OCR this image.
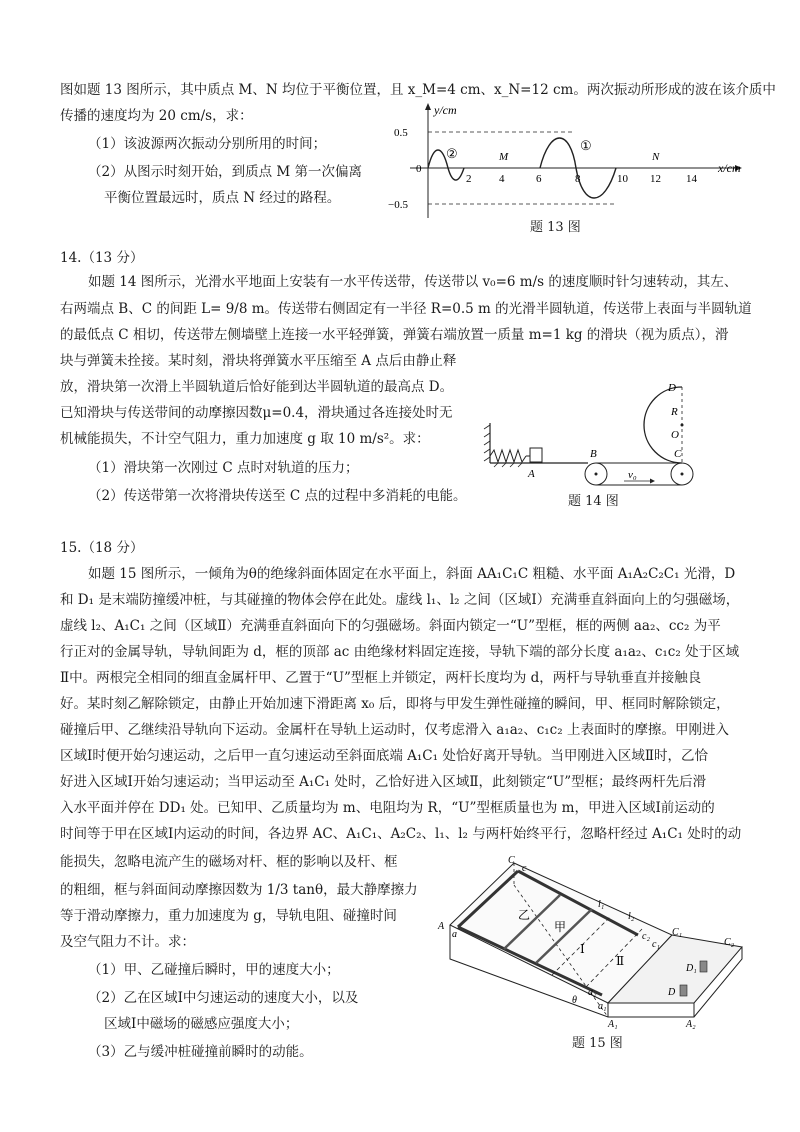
图如题 13 图所示，其中质点 M、N 均位于平衡位置，且 x_M=4 cm、x_N=12 cm。两次振动所形成的波在该介质中
传播的速度均为 20 cm/s，求：
（1）该波源两次振动分别所用的时间；
（2）从图示时刻开始，到质点 M 第一次偏离
平衡位置最远时，质点 N 经过的路程。
y/cm
x/cm
0.5
0
−0.5
2	4	6	8	10 12 14
M	N
②
①
题 13 图
14.（13 分）
如题 14 图所示，光滑水平地面上安装有一水平传送带，传送带以 v₀=6 m/s 的速度顺时针匀速转动，其左、
右两端点 B、C 的间距 L= 9/8 m。传送带右侧固定有一半径 R=0.5 m 的光滑半圆轨道，传送带上表面与半圆轨道
的最低点 C 相切，传送带左侧墙壁上连接一水平轻弹簧，弹簧右端放置一质量 m=1 kg 的滑块（视为质点），滑
块与弹簧未拴接。某时刻，滑块将弹簧水平压缩至 A 点后由静止释
放，滑块第一次滑上半圆轨道后恰好能到达半圆轨道的最高点 D。
已知滑块与传送带间的动摩擦因数μ=0.4，滑块通过各连接处时无
机械能损失，不计空气阻力，重力加速度 g 取 10 m/s²。求：
（1）滑块第一次刚过 C 点时对轨道的压力；
（2）传送带第一次将滑块传送至 C 点的过程中多消耗的电能。
A
B	C
v₀
D
R
O
题 14 图
15.（18 分）
如题 15 图所示，一倾角为θ的绝缘斜面体固定在水平面上，斜面 AA₁C₁C 粗糙、水平面 A₁A₂C₂C₁ 光滑，D
和 D₁ 是末端防撞缓冲桩，与其碰撞的物体会停在此处。虚线 l₁、l₂ 之间（区域Ⅰ）充满垂直斜面向上的匀强磁场，
虚线 l₂、A₁C₁ 之间（区域Ⅱ）充满垂直斜面向下的匀强磁场。斜面内锁定一“U”型框，框的两侧 aa₂、cc₂ 为平
行正对的金属导轨，导轨间距为 d，框的顶部 ac 由绝缘材料固定连接，导轨下端的部分长度 a₁a₂、c₁c₂ 处于区域
Ⅱ中。两根完全相同的细直金属杆甲、乙置于“U”型框上并锁定，两杆长度均为 d，两杆与导轨垂直并接触良
好。某时刻乙解除锁定，由静止开始加速下滑距离 x₀ 后，即将与甲发生弹性碰撞的瞬间，甲、框同时解除锁定，
碰撞后甲、乙继续沿导轨向下运动。金属杆在导轨上运动时，仅考虑滑入 a₁a₂、c₁c₂ 上表面时的摩擦。甲刚进入
区域Ⅰ时便开始匀速运动，之后甲一直匀速运动至斜面底端 A₁C₁ 处恰好离开导轨。当甲刚进入区域Ⅱ时，乙恰
好进入区域Ⅰ开始匀速运动；当甲运动至 A₁C₁ 处时，乙恰好进入区域Ⅱ，此刻锁定“U”型框；最终两杆先后滑
入水平面并停在 DD₁ 处。已知甲、乙质量均为 m、电阻均为 R，“U”型框质量也为 m，甲进入区域Ⅰ前运动的
时间等于甲在区域Ⅰ内运动的时间，各边界 AC、A₁C₁、A₂C₂、l₁、l₂ 与两杆始终平行，忽略杆经过 A₁C₁ 处时的动
能损失，忽略电流产生的磁场对杆、框的影响以及杆、框
的粗细，框与斜面间动摩擦因数为 1/3 tanθ，最大静摩擦力
等于滑动摩擦力，重力加速度为 g，导轨电阻、碰撞时间
及空气阻力不计。求：
（1）甲、乙碰撞后瞬时，甲的速度大小；
（2）乙在区域Ⅰ中匀速运动的速度大小，以及
区域Ⅰ中磁场的磁感应强度大小；
（3）乙与缓冲桩碰撞前瞬时的动能。
C
A
a
c
l₁
l₂
c₂
c₁
C₁
C₂
D₁
D
a₂
θ
a₁
A₁	A₂
乙
甲
Ⅰ
Ⅱ
题 15 图
